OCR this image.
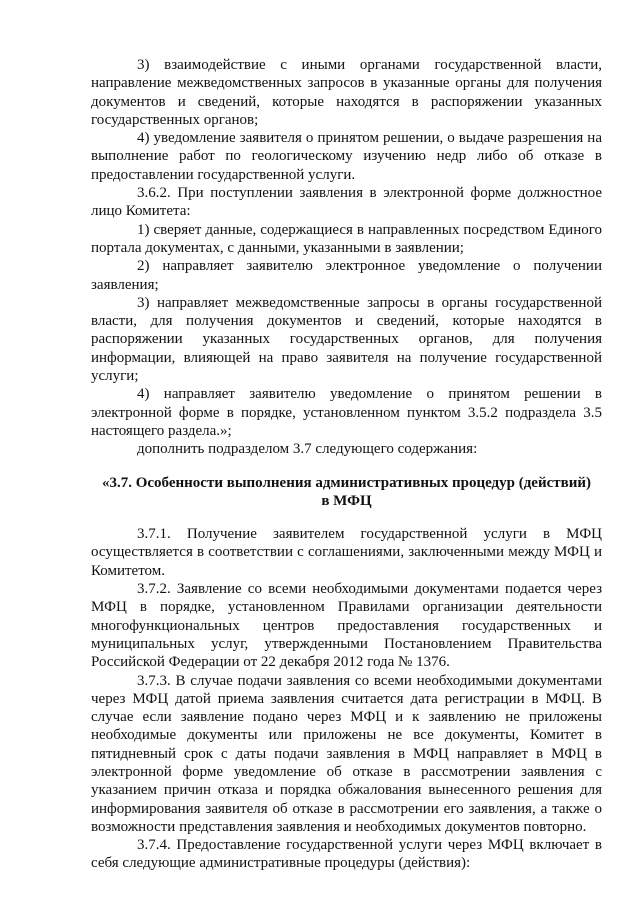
3) взаимодействие с иными органами государственной власти, направление межведомственных запросов в указанные органы для получения документов и сведений, которые находятся в распоряжении указанных государственных органов;

4) уведомление заявителя о принятом решении, о выдаче разрешения на выполнение работ по геологическому изучению недр либо об отказе в предоставлении государственной услуги.

3.6.2. При поступлении заявления в электронной форме должностное лицо Комитета:

1) сверяет данные, содержащиеся в направленных посредством Единого портала документах, с данными, указанными в заявлении;

2) направляет заявителю электронное уведомление о получении заявления;

3) направляет межведомственные запросы в органы государственной власти, для получения документов и сведений, которые находятся в распоряжении указанных государственных органов, для получения информации, влияющей на право заявителя на получение государственной услуги;

4) направляет заявителю уведомление о принятом решении в электронной форме в порядке, установленном пунктом 3.5.2 подраздела 3.5 настоящего раздела.»;

дополнить подразделом 3.7 следующего содержания:

«3.7. Особенности выполнения административных процедур (действий)
в МФЦ

3.7.1. Получение заявителем государственной услуги в МФЦ осуществляется в соответствии с соглашениями, заключенными между МФЦ и Комитетом.

3.7.2. Заявление со всеми необходимыми документами подается через МФЦ в порядке, установленном Правилами организации деятельности многофункциональных центров предоставления государственных и муниципальных услуг, утвержденными Постановлением Правительства Российской Федерации от 22 декабря 2012 года № 1376.

3.7.3. В случае подачи заявления со всеми необходимыми документами через МФЦ датой приема заявления считается дата регистрации в МФЦ. В случае если заявление подано через МФЦ и к заявлению не приложены необходимые документы или приложены не все документы, Комитет в пятидневный срок с даты подачи заявления в МФЦ направляет в МФЦ в электронной форме уведомление об отказе в рассмотрении заявления с указанием причин отказа и порядка обжалования вынесенного решения для информирования заявителя об отказе в рассмотрении его заявления, а также о возможности представления заявления и необходимых документов повторно.

3.7.4. Предоставление государственной услуги через МФЦ включает в себя следующие административные процедуры (действия):
